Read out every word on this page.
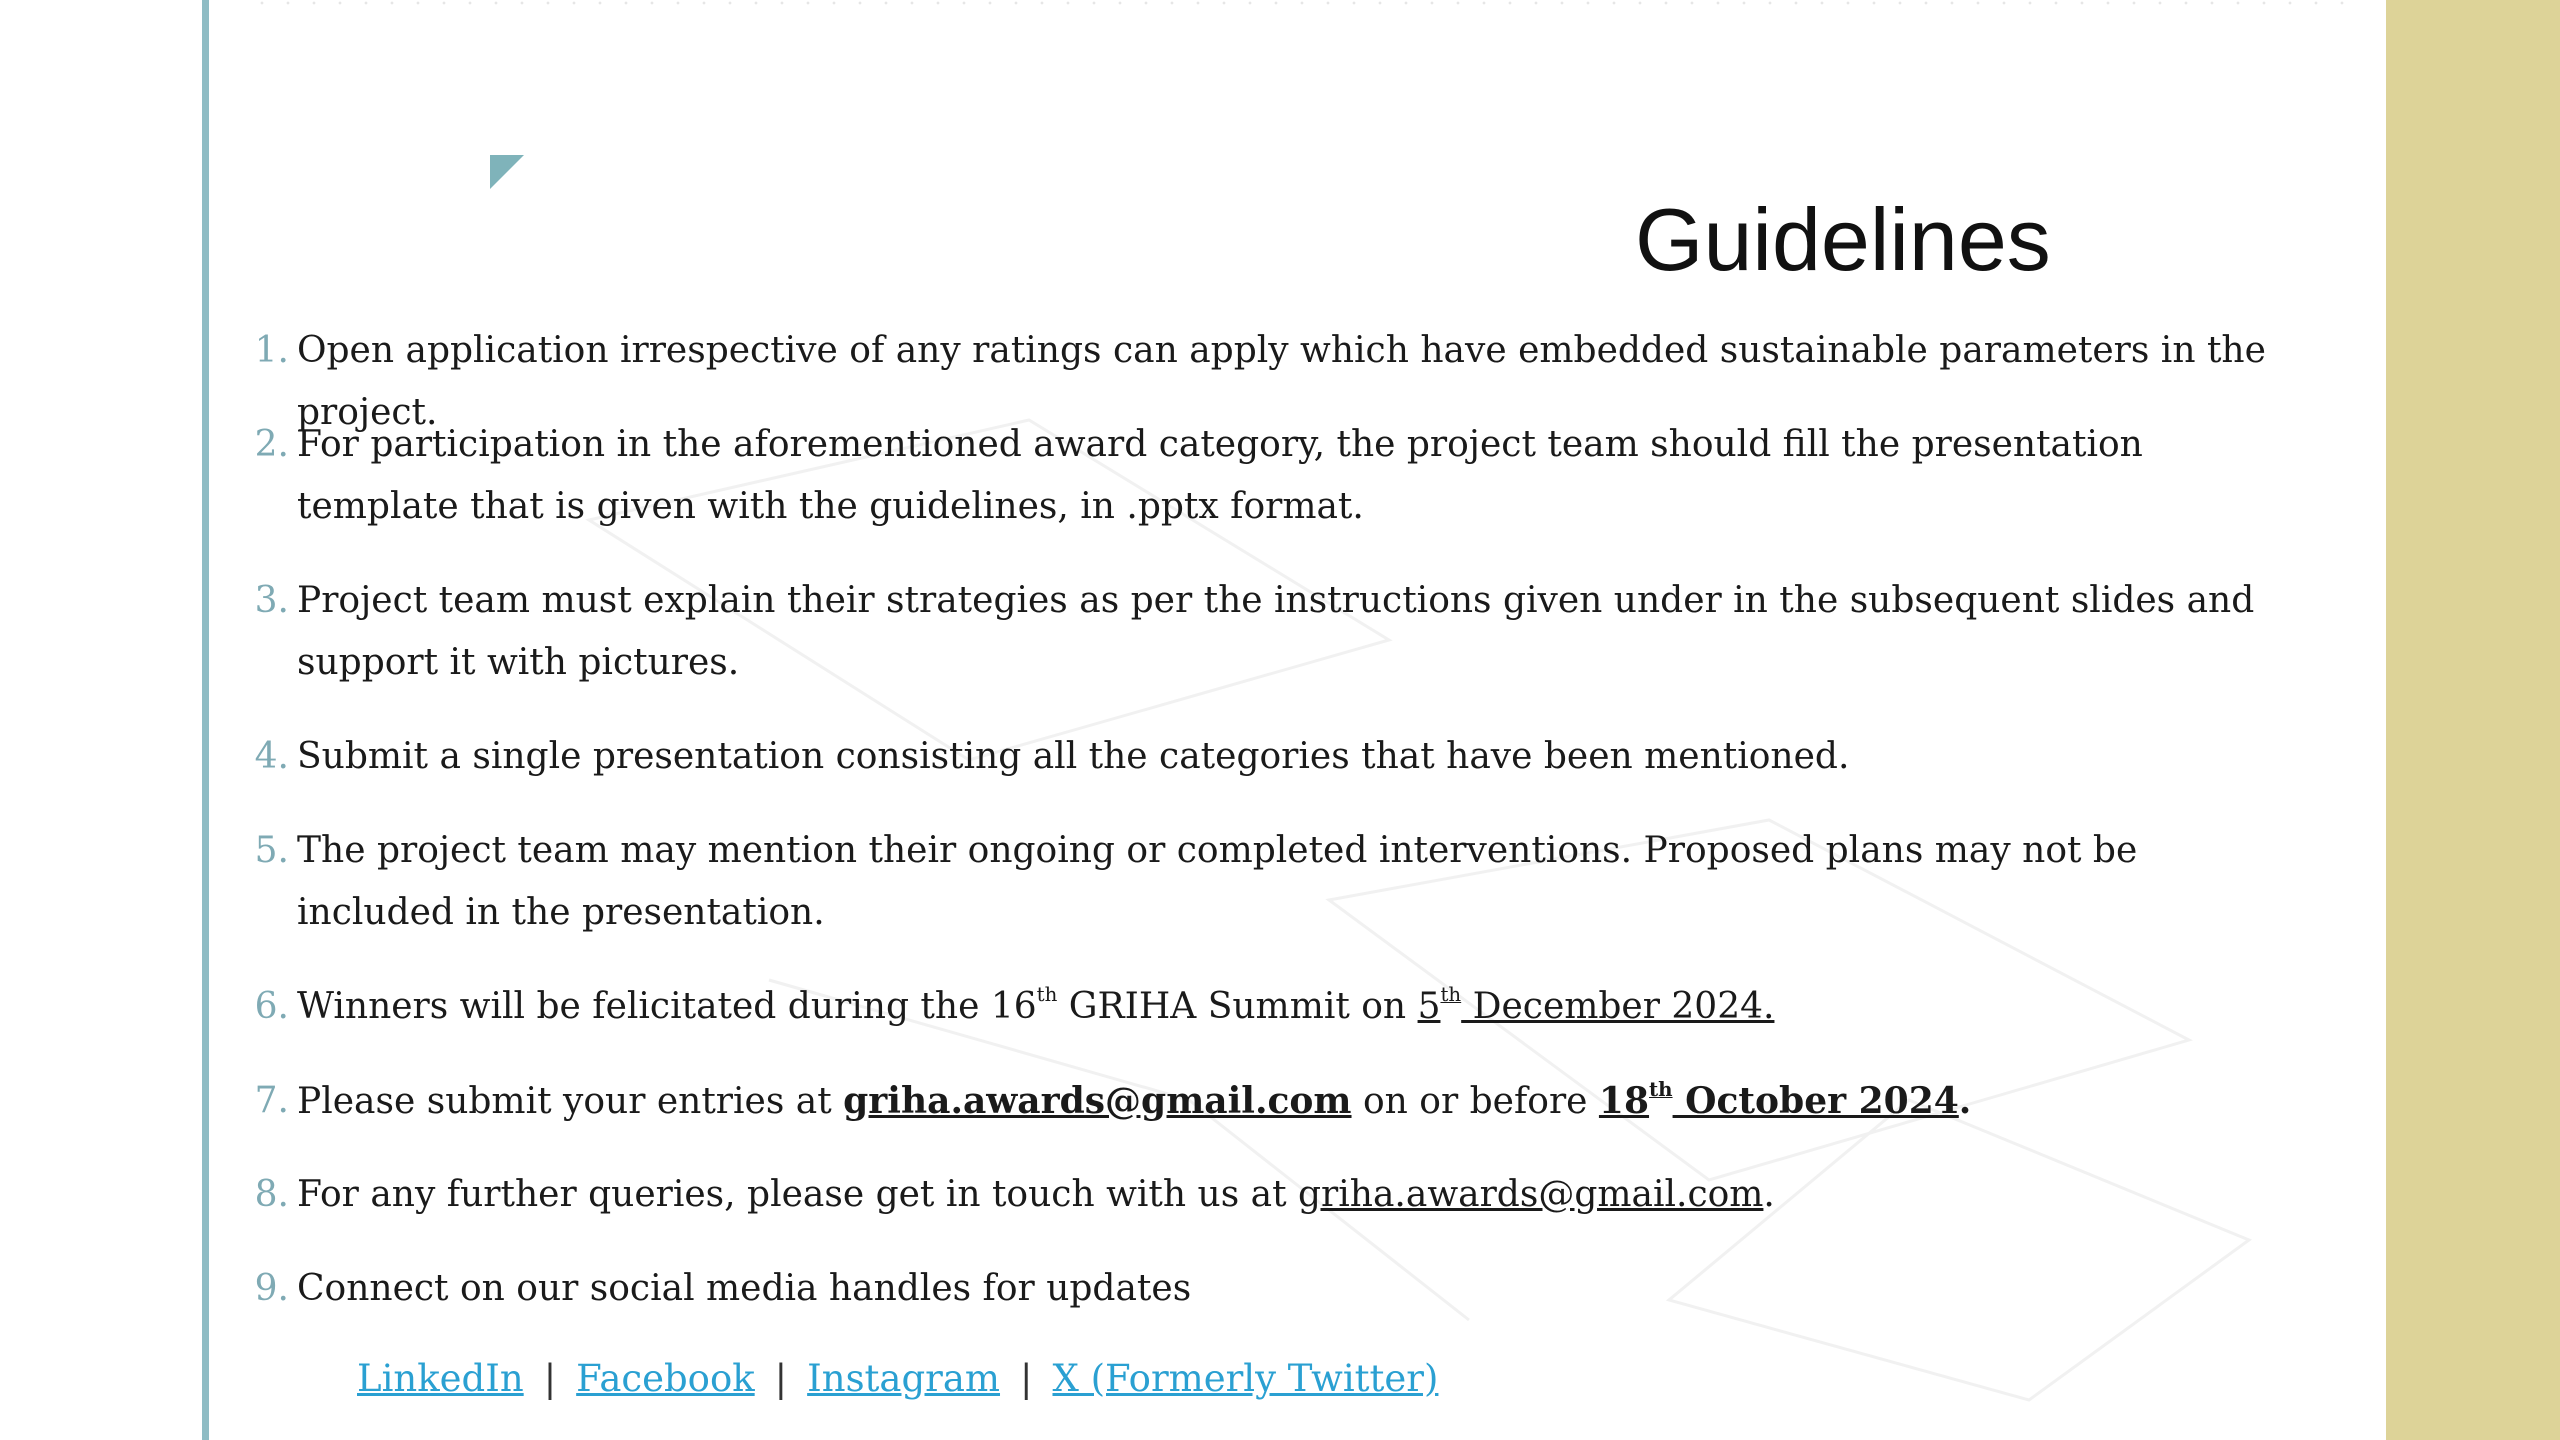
Guidelines
1. Open application irrespective of any ratings can apply which have embedded sustainable parameters in the project.
2. For participation in the aforementioned award category, the project team should fill the presentation template that is given with the guidelines, in .pptx format.
3. Project team must explain their strategies as per the instructions given under in the subsequent slides and support it with pictures.
4. Submit a single presentation consisting all the categories that have been mentioned.
5. The project team may mention their ongoing or completed interventions. Proposed plans may not be included in the presentation.
6. Winners will be felicitated during the 16th GRIHA Summit on 5th December 2024.
7. Please submit your entries at griha.awards@gmail.com on or before 18th October 2024.
8. For any further queries, please get in touch with us at griha.awards@gmail.com.
9. Connect on our social media handles for updates
LinkedIn | Facebook | Instagram | X (Formerly Twitter)
